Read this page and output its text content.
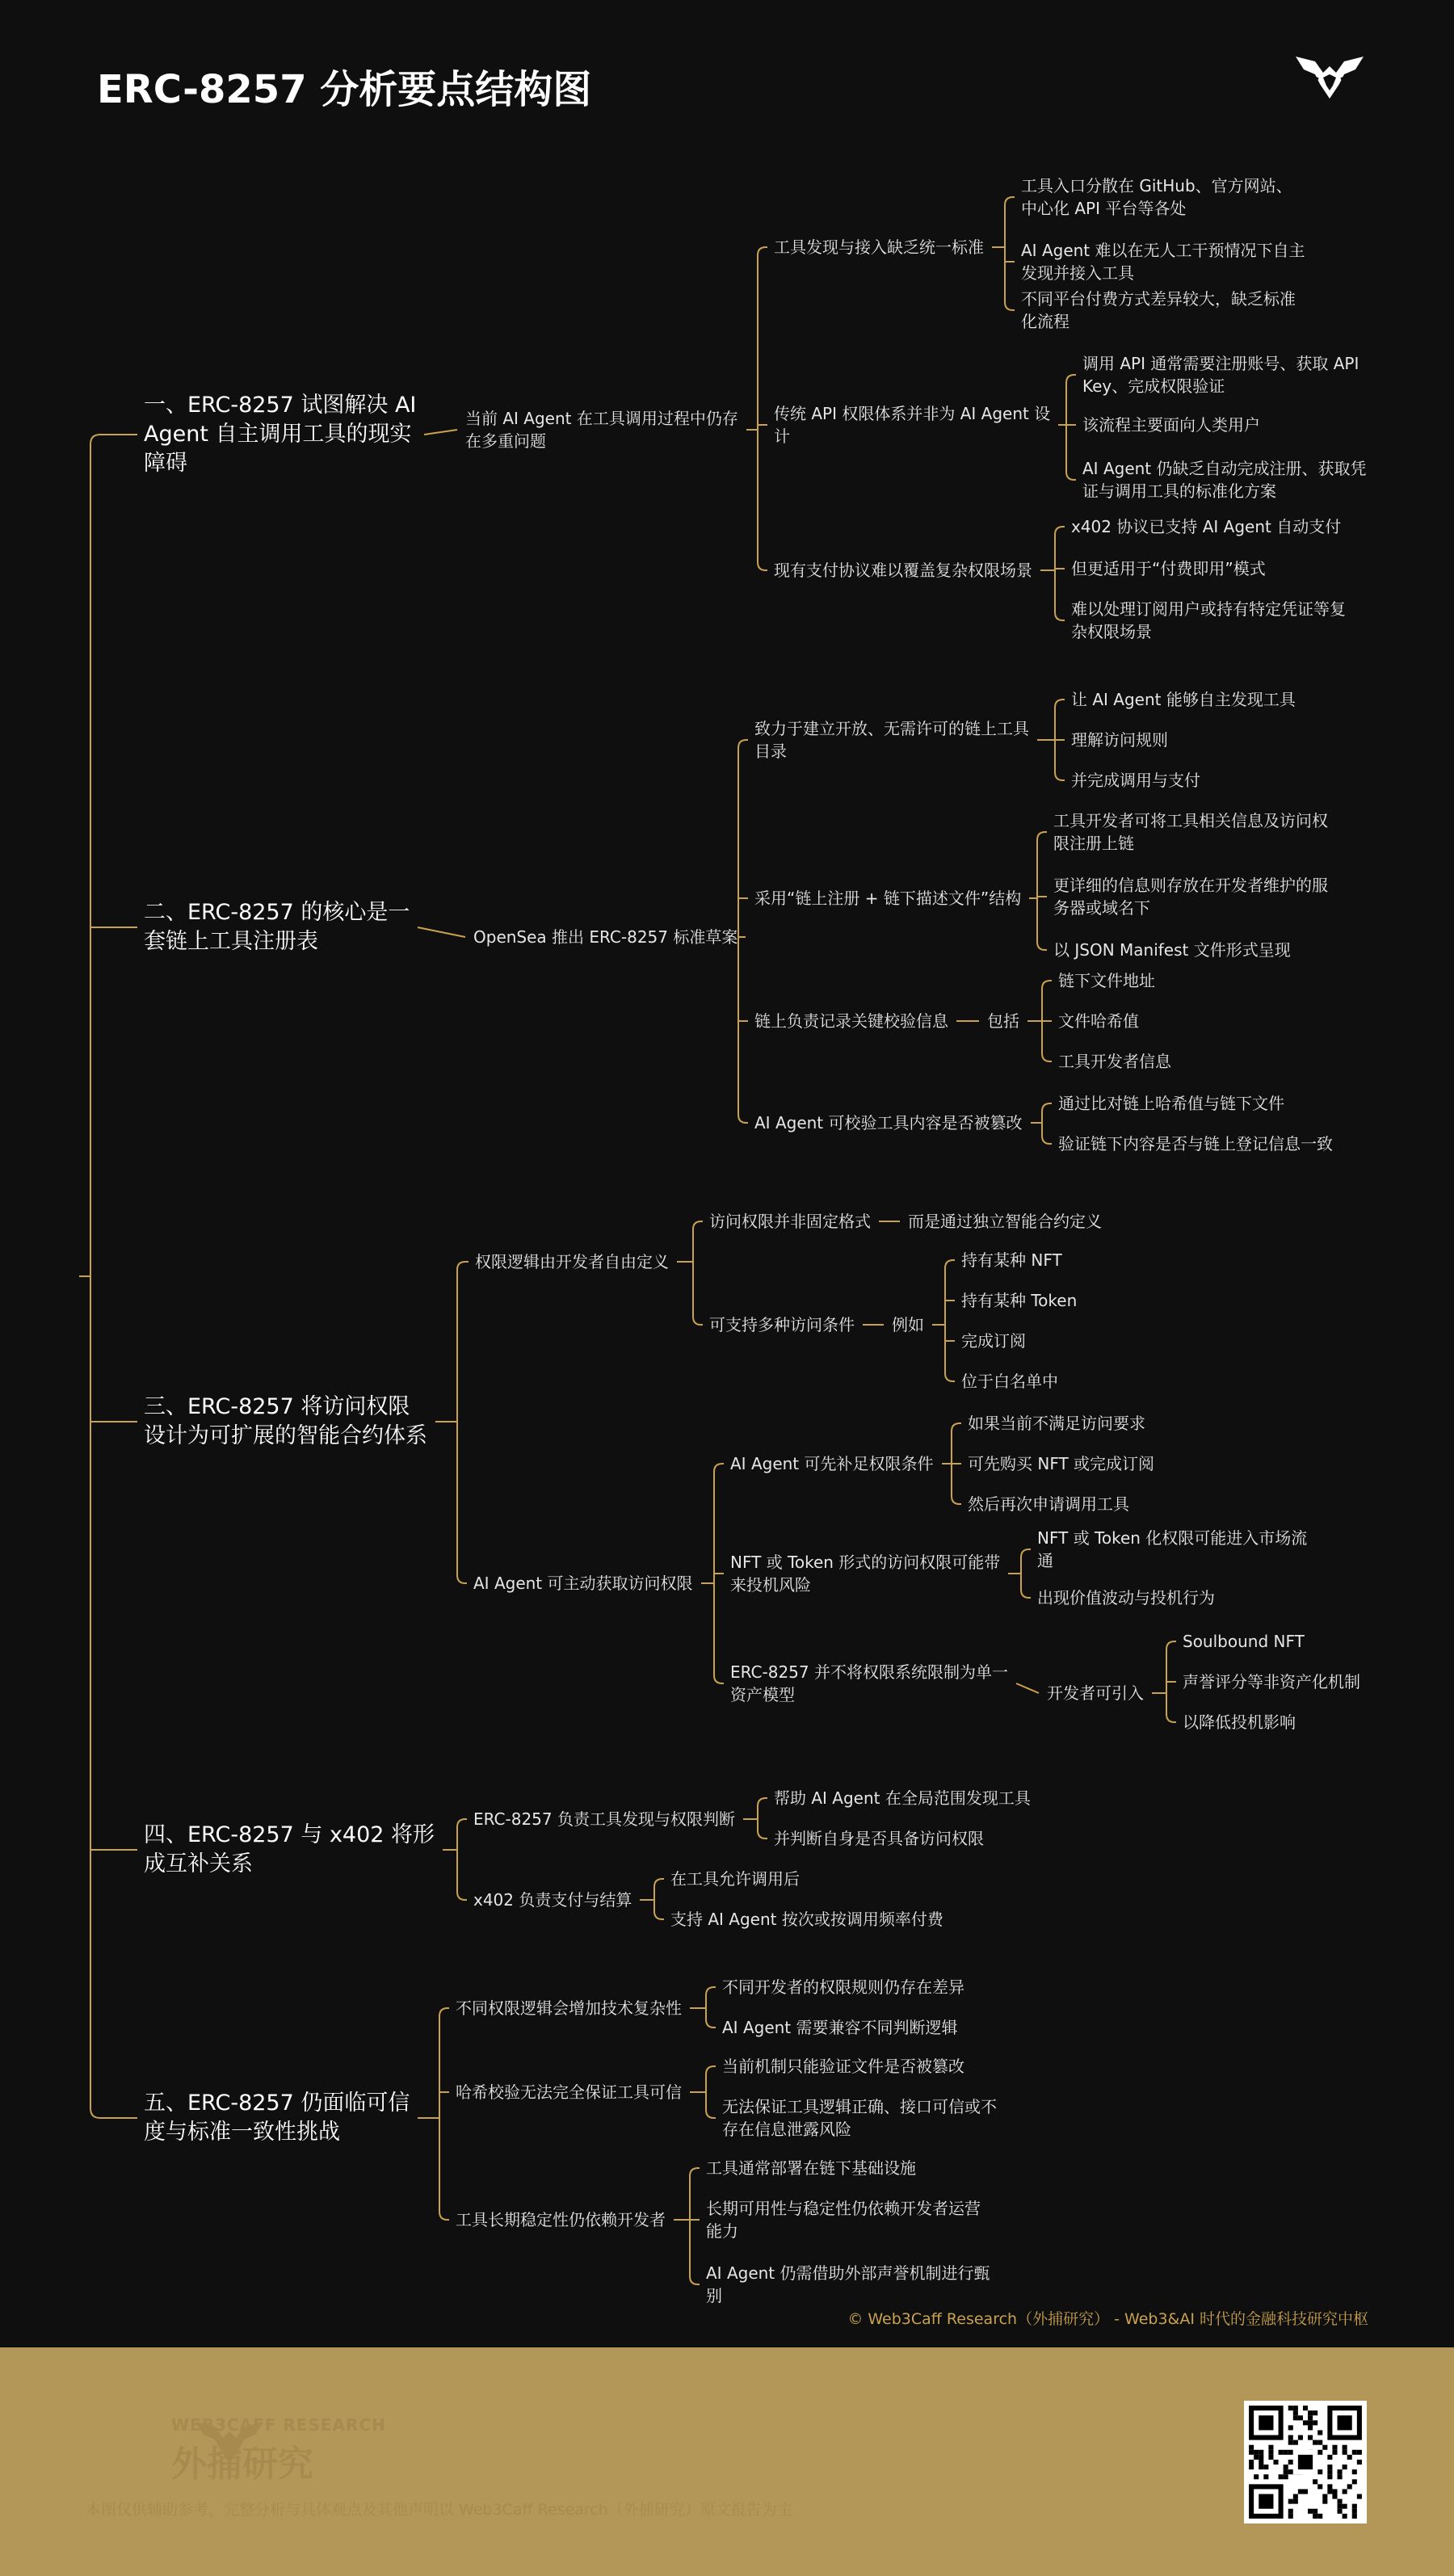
ERC-8257 分析要点结构图
一、ERC-8257 试图解决 AI
Agent 自主调用工具的现实
障碍
当前 AI Agent 在工具调用过程中仍存
在多重问题
工具发现与接入缺乏统一标准
工具入口分散在 GitHub、官方网站、
中心化 API 平台等各处
AI Agent 难以在无人工干预情况下自主
发现并接入工具
不同平台付费方式差异较大，缺乏标准
化流程
传统 API 权限体系并非为 AI Agent 设
计
调用 API 通常需要注册账号、获取 API
Key、完成权限验证
该流程主要面向人类用户
AI Agent 仍缺乏自动完成注册、获取凭
证与调用工具的标准化方案
现有支付协议难以覆盖复杂权限场景
x402 协议已支持 AI Agent 自动支付
但更适用于“付费即用”模式
难以处理订阅用户或持有特定凭证等复
杂权限场景
二、ERC-8257 的核心是一
套链上工具注册表	OpenSea 推出 ERC-8257 标准草案
致力于建立开放、无需许可的链上工具
目录
让 AI Agent 能够自主发现工具
理解访问规则
并完成调用与支付
采用“链上注册 + 链下描述文件”结构
工具开发者可将工具相关信息及访问权
限注册上链
更详细的信息则存放在开发者维护的服
务器或域名下
以 JSON Manifest 文件形式呈现
链上负责记录关键校验信息 包括
链下文件地址
文件哈希值
工具开发者信息
AI Agent 可校验工具内容是否被篡改
通过比对链上哈希值与链下文件
验证链下内容是否与链上登记信息一致
三、ERC-8257 将访问权限
设计为可扩展的智能合约体系
权限逻辑由开发者自由定义
访问权限并非固定格式 而是通过独立智能合约定义
可支持多种访问条件 例如
持有某种 NFT
持有某种 Token
完成订阅
位于白名单中
AI Agent 可主动获取访问权限
AI Agent 可先补足权限条件
如果当前不满足访问要求
可先购买 NFT 或完成订阅
然后再次申请调用工具
NFT 或 Token 形式的访问权限可能带
来投机风险
NFT 或 Token 化权限可能进入市场流
通
出现价值波动与投机行为
ERC-8257 并不将权限系统限制为单一
资产模型	开发者可引入
Soulbound NFT
声誉评分等非资产化机制
以降低投机影响
四、ERC-8257 与 x402 将形
成互补关系
ERC-8257 负责工具发现与权限判断
帮助 AI Agent 在全局范围发现工具
并判断自身是否具备访问权限
x402 负责支付与结算
在工具允许调用后
支持 AI Agent 按次或按调用频率付费
五、ERC-8257 仍面临可信
度与标准一致性挑战
不同权限逻辑会增加技术复杂性
不同开发者的权限规则仍存在差异
AI Agent 需要兼容不同判断逻辑
哈希校验无法完全保证工具可信
当前机制只能验证文件是否被篡改
无法保证工具逻辑正确、接口可信或不
存在信息泄露风险
工具长期稳定性仍依赖开发者
工具通常部署在链下基础设施
长期可用性与稳定性仍依赖开发者运营
能力
AI Agent 仍需借助外部声誉机制进行甄
别
© Web3Caff Research（外捕研究） - Web3&AI 时代的金融科技研究中枢
WEB3CAFF RESEARCH
外捕研究
本图仅供辅助参考，完整分析与具体观点及其他声明以 Web3Caff Research（外捕研究）原文报告为主
